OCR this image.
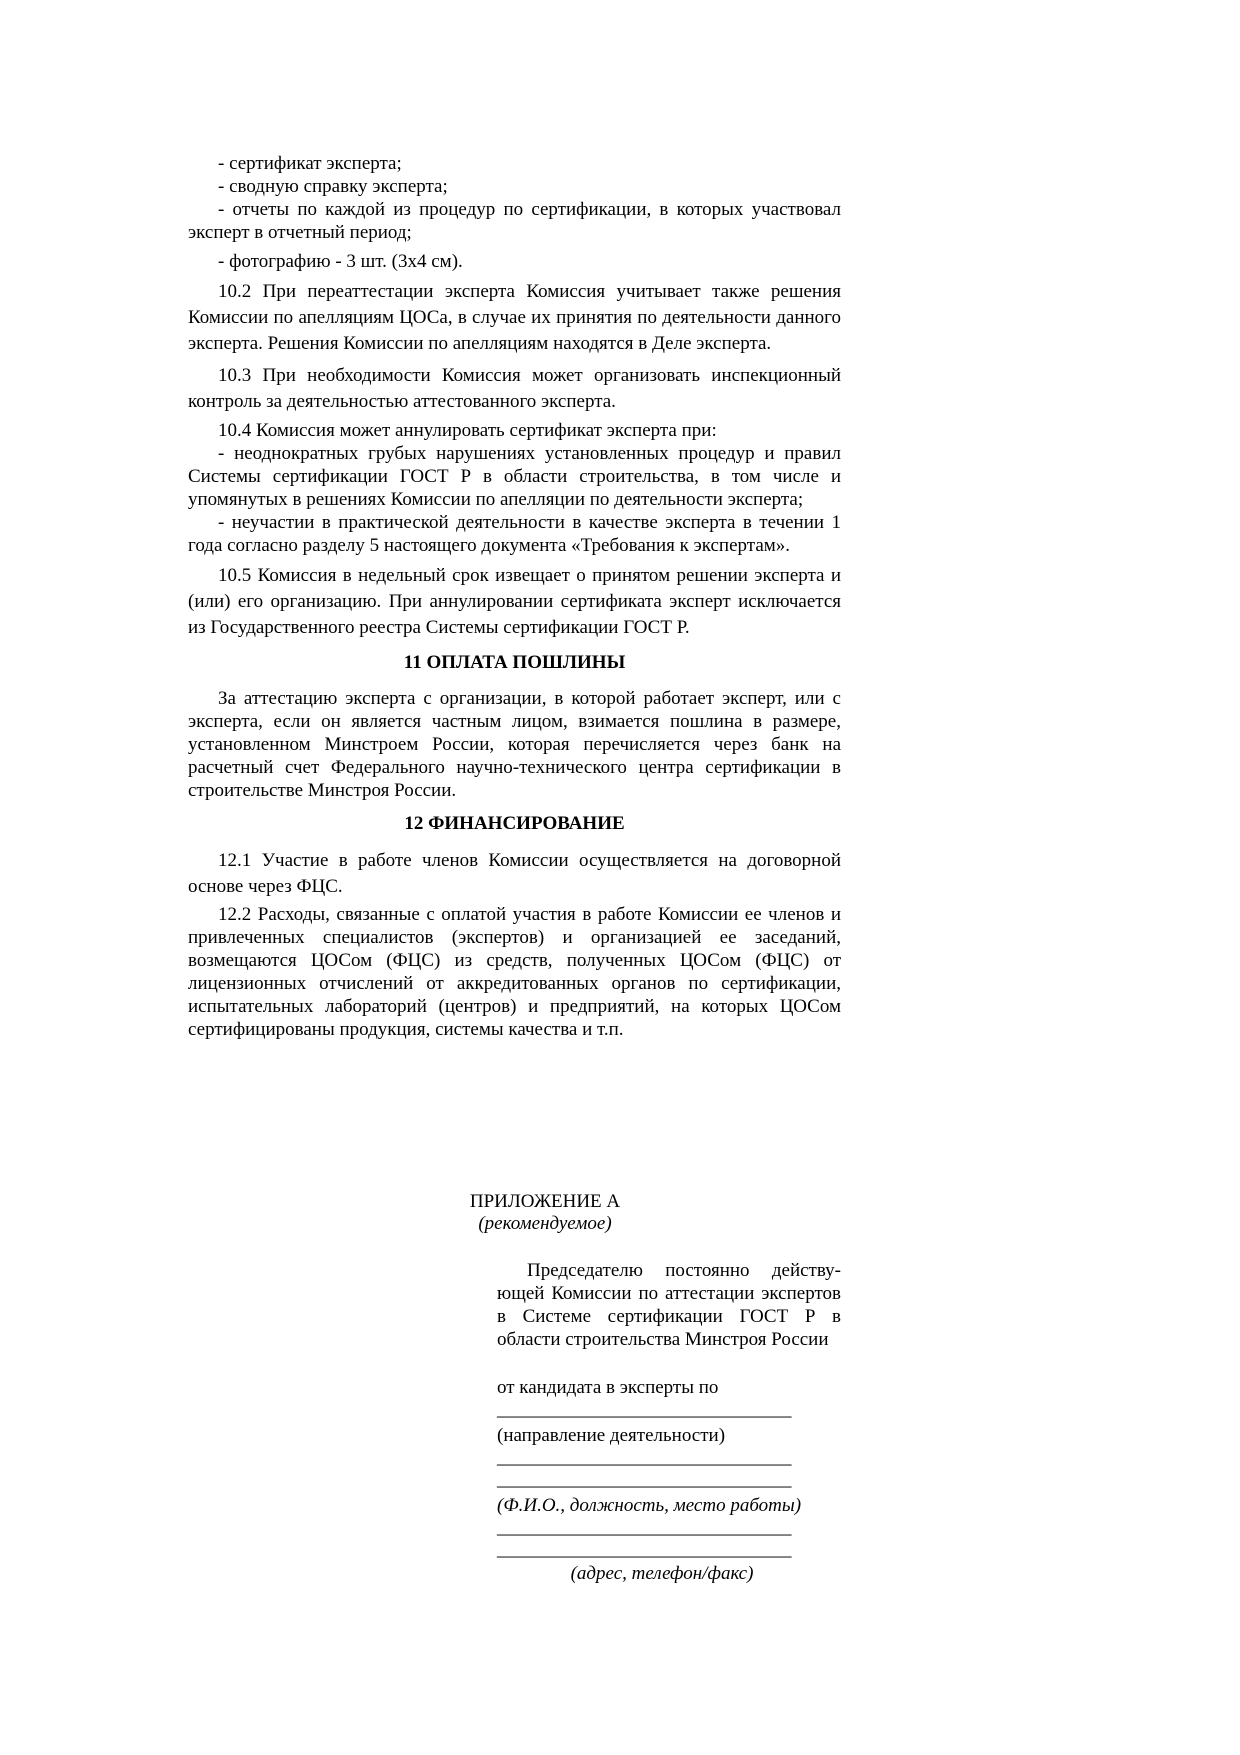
- сертификат эксперта;

- сводную справку эксперта;

- отчеты по каждой из процедур по сертификации, в которых участвовал эксперт в отчетный период;

- фотографию - 3 шт. (3х4 см).

10.2 При переаттестации эксперта Комиссия учитывает также решения Комиссии по апелляциям ЦОСа, в случае их принятия по деятельности данного эксперта. Решения Комиссии по апелляциям находятся в Деле эксперта.

10.3 При необходимости Комиссия может организовать инспекционный контроль за деятельностью аттестованного эксперта.

10.4 Комиссия может аннулировать сертификат эксперта при:

- неоднократных грубых нарушениях установленных процедур и правил Системы сертификации ГОСТ Р в области строительства, в том числе и упомянутых в решениях Комиссии по апелляции по деятельности эксперта;

- неучастии в практической деятельности в качестве эксперта в течении 1 года согласно разделу 5 настоящего документа «Требования к экспертам».

10.5 Комиссия в недельный срок извещает о принятом решении эксперта и (или) его организацию. При аннулировании сертификата эксперт исключается из Государственного реестра Системы сертификации ГОСТ Р.

11 ОПЛАТА ПОШЛИНЫ

За аттестацию эксперта с организации, в которой работает эксперт, или с эксперта, если он является частным лицом, взимается пошлина в размере, установленном Минстроем России, которая перечисляется через банк на расчетный счет Федерального научно-технического центра сертификации в строительстве Минстроя России.

12 ФИНАНСИРОВАНИЕ

12.1 Участие в работе членов Комиссии осуществляется на договорной основе через ФЦС.

12.2 Расходы, связанные с оплатой участия в работе Комиссии ее членов и привлеченных специалистов (экспертов) и организацией ее заседаний, возмещаются ЦОСом (ФЦС) из средств, полученных ЦОСом (ФЦС) от лицензионных отчислений от аккредитованных органов по сертификации, испытательных лабораторий (центров) и предприятий, на которых ЦОСом сертифицированы продукция, системы качества и т.п.

ПРИЛОЖЕНИЕ А
(рекомендуемое)

Председателю постоянно действующей Комиссии по аттестации экспертов в Системе сертификации ГОСТ Р в области строительства Минстроя России

от кандидата в эксперты по

_______________________________

(направление деятельности)

_______________________________

_______________________________

(Ф.И.О., должность, место работы)

_______________________________

_______________________________

(адрес, телефон/факс)
